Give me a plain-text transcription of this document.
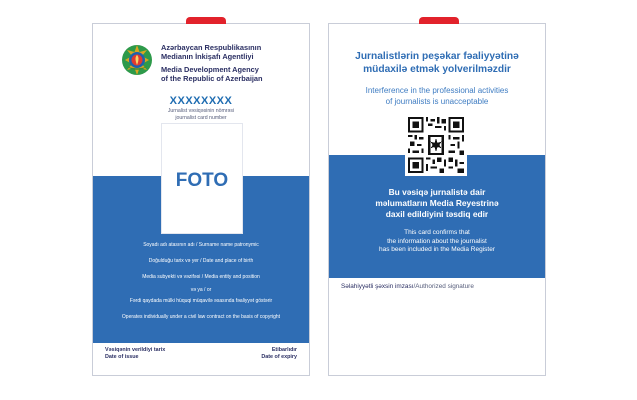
Azərbaycan Respublikasının
Medianın İnkişafı Agentliyi
Media Development Agency
of the Republic of Azerbaijan
XXXXXXXX
Jurnalist vəsiqəsinin nömrəsi
journalist card number
FOTO
Soyadı adı atasının adı / Surname name patronymic
Doğulduğu tarix və yer / Date and place of birth
Media subyekti və vəzifəsi / Media entity and position
və ya / or
Fərdi qaydada mülki hüquqi müqavilə əsasında fəaliyyət göstərir
Operates individually under a civil law contract on the basis of copyright
Vəsiqənin verildiyi tarix
Date of issue
Etibarlıdır
Date of expiry
Jurnalistlərin peşəkar fəaliyyətinə
müdaxilə etmək yolverilməzdir
Interference in the professional activities
of journalists is unacceptable
Bu vəsiqə jurnalistə dair
məlumatların Media Reyestrinə
daxil edildiyini təsdiq edir
This card confirms that
the information about the journalist
has been included in the Media Register
Səlahiyyətli şəxsin imzası/Authorized signature
